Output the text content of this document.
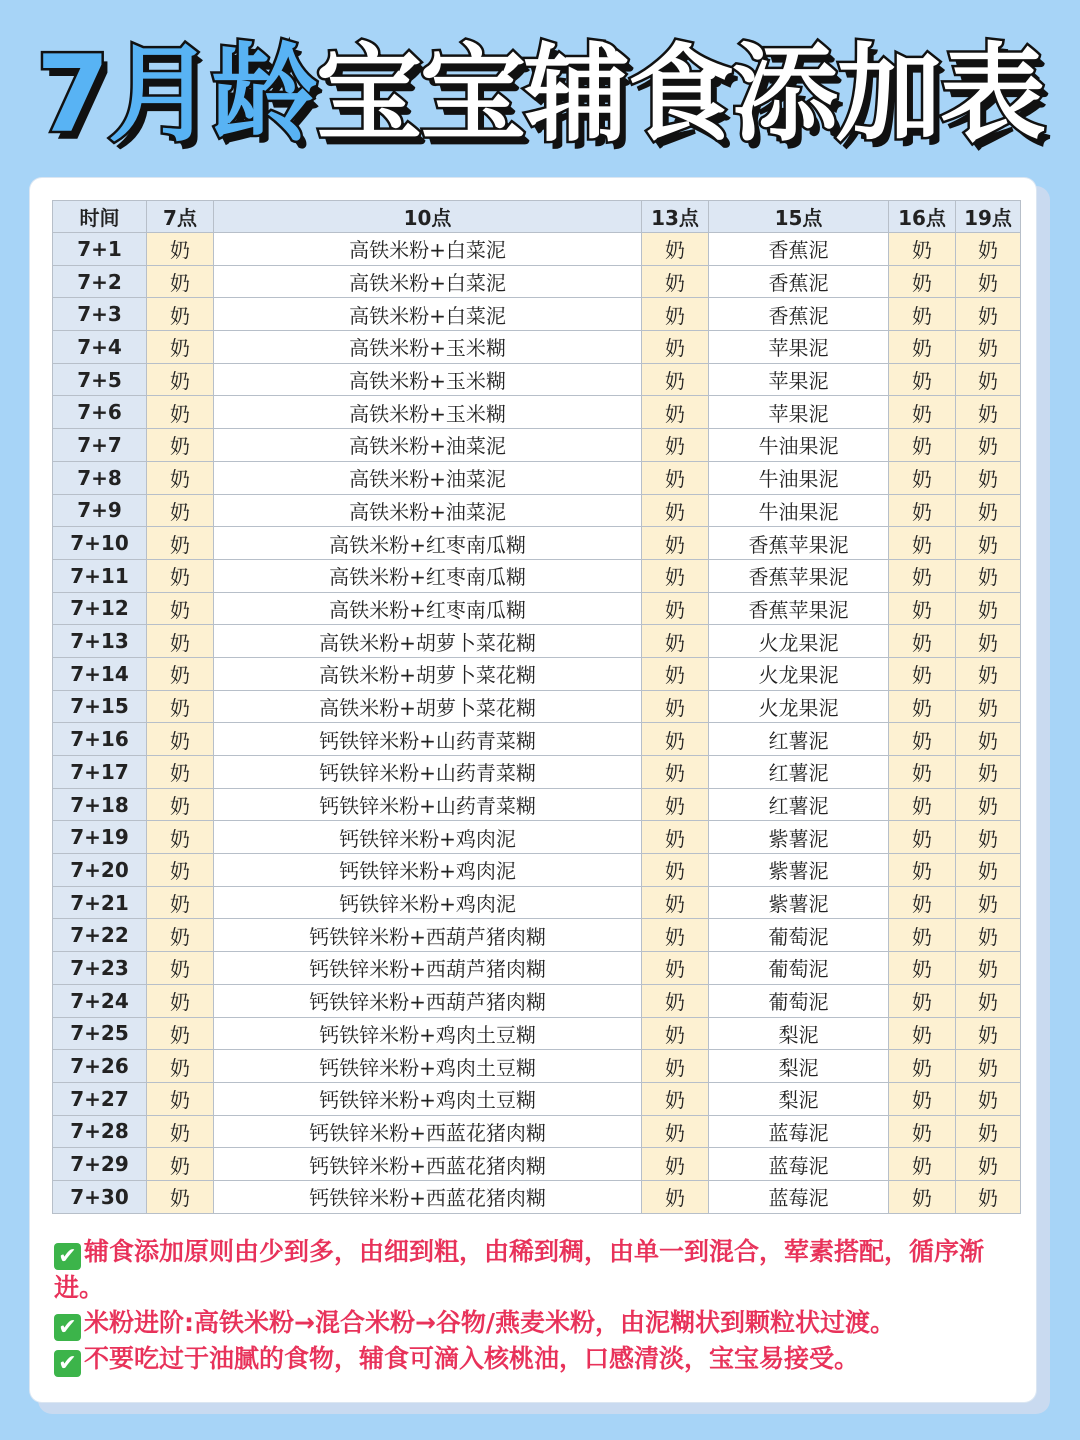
7月龄 宝宝辅食添加表
时间	7点	10点	13点	15点	16点	19点
7+1	奶	高铁米粉+白菜泥	奶	香蕉泥	奶	奶
7+2	奶	高铁米粉+白菜泥	奶	香蕉泥	奶	奶
7+3	奶	高铁米粉+白菜泥	奶	香蕉泥	奶	奶
7+4	奶	高铁米粉+玉米糊	奶	苹果泥	奶	奶
7+5	奶	高铁米粉+玉米糊	奶	苹果泥	奶	奶
7+6	奶	高铁米粉+玉米糊	奶	苹果泥	奶	奶
7+7	奶	高铁米粉+油菜泥	奶	牛油果泥	奶	奶
7+8	奶	高铁米粉+油菜泥	奶	牛油果泥	奶	奶
7+9	奶	高铁米粉+油菜泥	奶	牛油果泥	奶	奶
7+10	奶	高铁米粉+红枣南瓜糊	奶	香蕉苹果泥	奶	奶
7+11	奶	高铁米粉+红枣南瓜糊	奶	香蕉苹果泥	奶	奶
7+12	奶	高铁米粉+红枣南瓜糊	奶	香蕉苹果泥	奶	奶
7+13	奶	高铁米粉+胡萝卜菜花糊	奶	火龙果泥	奶	奶
7+14	奶	高铁米粉+胡萝卜菜花糊	奶	火龙果泥	奶	奶
7+15	奶	高铁米粉+胡萝卜菜花糊	奶	火龙果泥	奶	奶
7+16	奶	钙铁锌米粉+山药青菜糊	奶	红薯泥	奶	奶
7+17	奶	钙铁锌米粉+山药青菜糊	奶	红薯泥	奶	奶
7+18	奶	钙铁锌米粉+山药青菜糊	奶	红薯泥	奶	奶
7+19	奶	钙铁锌米粉+鸡肉泥	奶	紫薯泥	奶	奶
7+20	奶	钙铁锌米粉+鸡肉泥	奶	紫薯泥	奶	奶
7+21	奶	钙铁锌米粉+鸡肉泥	奶	紫薯泥	奶	奶
7+22	奶	钙铁锌米粉+西葫芦猪肉糊	奶	葡萄泥	奶	奶
7+23	奶	钙铁锌米粉+西葫芦猪肉糊	奶	葡萄泥	奶	奶
7+24	奶	钙铁锌米粉+西葫芦猪肉糊	奶	葡萄泥	奶	奶
7+25	奶	钙铁锌米粉+鸡肉土豆糊	奶	梨泥	奶	奶
7+26	奶	钙铁锌米粉+鸡肉土豆糊	奶	梨泥	奶	奶
7+27	奶	钙铁锌米粉+鸡肉土豆糊	奶	梨泥	奶	奶
7+28	奶	钙铁锌米粉+西蓝花猪肉糊	奶	蓝莓泥	奶	奶
7+29	奶	钙铁锌米粉+西蓝花猪肉糊	奶	蓝莓泥	奶	奶
7+30	奶	钙铁锌米粉+西蓝花猪肉糊	奶	蓝莓泥	奶	奶

✔ 辅食添加原则由少到多，由细到粗，由稀到稠，由单一到混合，荤素搭配，循序渐进。

✔ 米粉进阶:高铁米粉→混合米粉→谷物/燕麦米粉，由泥糊状到颗粒状过渡。

✔ 不要吃过于油腻的食物，辅食可滴入核桃油，口感清淡，宝宝易接受。
